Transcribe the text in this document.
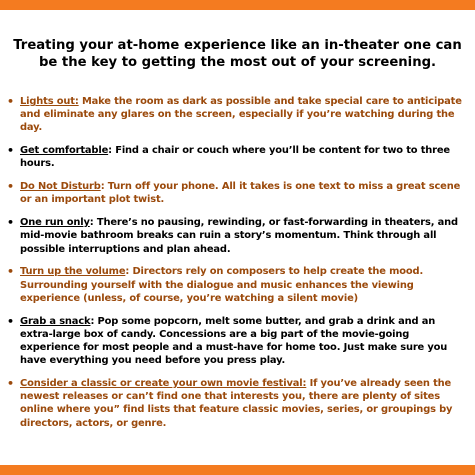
Treating your at-home experience like an in-theater one can be the key to getting the most out of your screening.
• Lights out: Make the room as dark as possible and take special care to anticipate and eliminate any glares on the screen, especially if you’re watching during the day.
• Get comfortable: Find a chair or couch where you’ll be content for two to three hours.
• Do Not Disturb: Turn off your phone. All it takes is one text to miss a great scene or an important plot twist.
• One run only: There’s no pausing, rewinding, or fast-forwarding in theaters, and mid-movie bathroom breaks can ruin a story’s momentum. Think through all possible interruptions and plan ahead.
• Turn up the volume: Directors rely on composers to help create the mood. Surrounding yourself with the dialogue and music enhances the viewing experience (unless, of course, you’re watching a silent movie)
• Grab a snack: Pop some popcorn, melt some butter, and grab a drink and an extra-large box of candy. Concessions are a big part of the movie-going experience for most people and a must-have for home too. Just make sure you have everything you need before you press play.
• Consider a classic or create your own movie festival: If you’ve already seen the newest releases or can’t find one that interests you, there are plenty of sites online where you” find lists that feature classic movies, series, or groupings by directors, actors, or genre.
